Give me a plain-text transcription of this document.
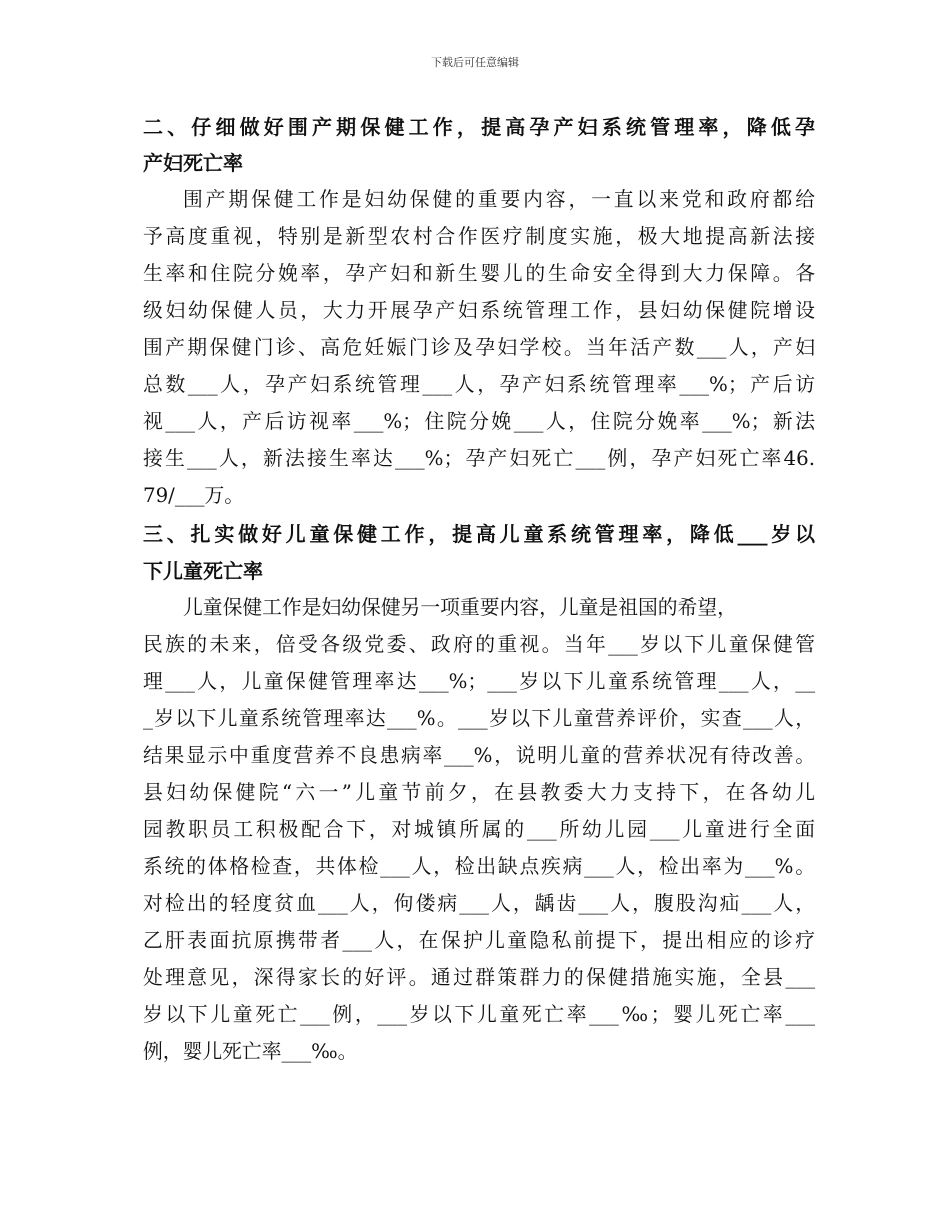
下载后可任意编辑
二、仔细做好围产期保健工作，提高孕产妇系统管理率，降低孕
产妇死亡率
围产期保健工作是妇幼保健的重要内容，一直以来党和政府都给
予高度重视，特别是新型农村合作医疗制度实施，极大地提高新法接
生率和住院分娩率，孕产妇和新生婴儿的生命安全得到大力保障。各
级妇幼保健人员，大力开展孕产妇系统管理工作，县妇幼保健院增设
围产期保健门诊、高危妊娠门诊及孕妇学校。当年活产数___人，产妇
总数___人，孕产妇系统管理___人，孕产妇系统管理率___%；产后访
视___人，产后访视率___%；住院分娩___人，住院分娩率___%；新法
接生___人，新法接生率达___%；孕产妇死亡___例，孕产妇死亡率46.
79/___万。
三、扎实做好儿童保健工作，提高儿童系统管理率，降低___岁以
下儿童死亡率
儿童保健工作是妇幼保健另一项重要内容，儿童是祖国的希望，
民族的未来，倍受各级党委、政府的重视。当年___岁以下儿童保健管
理___人，儿童保健管理率达___%；___岁以下儿童系统管理___人，__
_岁以下儿童系统管理率达___%。___岁以下儿童营养评价，实查___人，
结果显示中重度营养不良患病率___%，说明儿童的营养状况有待改善。
县妇幼保健院“六一”儿童节前夕，在县教委大力支持下，在各幼儿
园教职员工积极配合下，对城镇所属的___所幼儿园___儿童进行全面
系统的体格检查，共体检___人，检出缺点疾病___人，检出率为___%。
对检出的轻度贫血___人，佝偻病___人，龋齿___人，腹股沟疝___人，
乙肝表面抗原携带者___人，在保护儿童隐私前提下，提出相应的诊疗
处理意见，深得家长的好评。通过群策群力的保健措施实施，全县___
岁以下儿童死亡___例，___岁以下儿童死亡率___‰；婴儿死亡率___
例，婴儿死亡率___‰。
